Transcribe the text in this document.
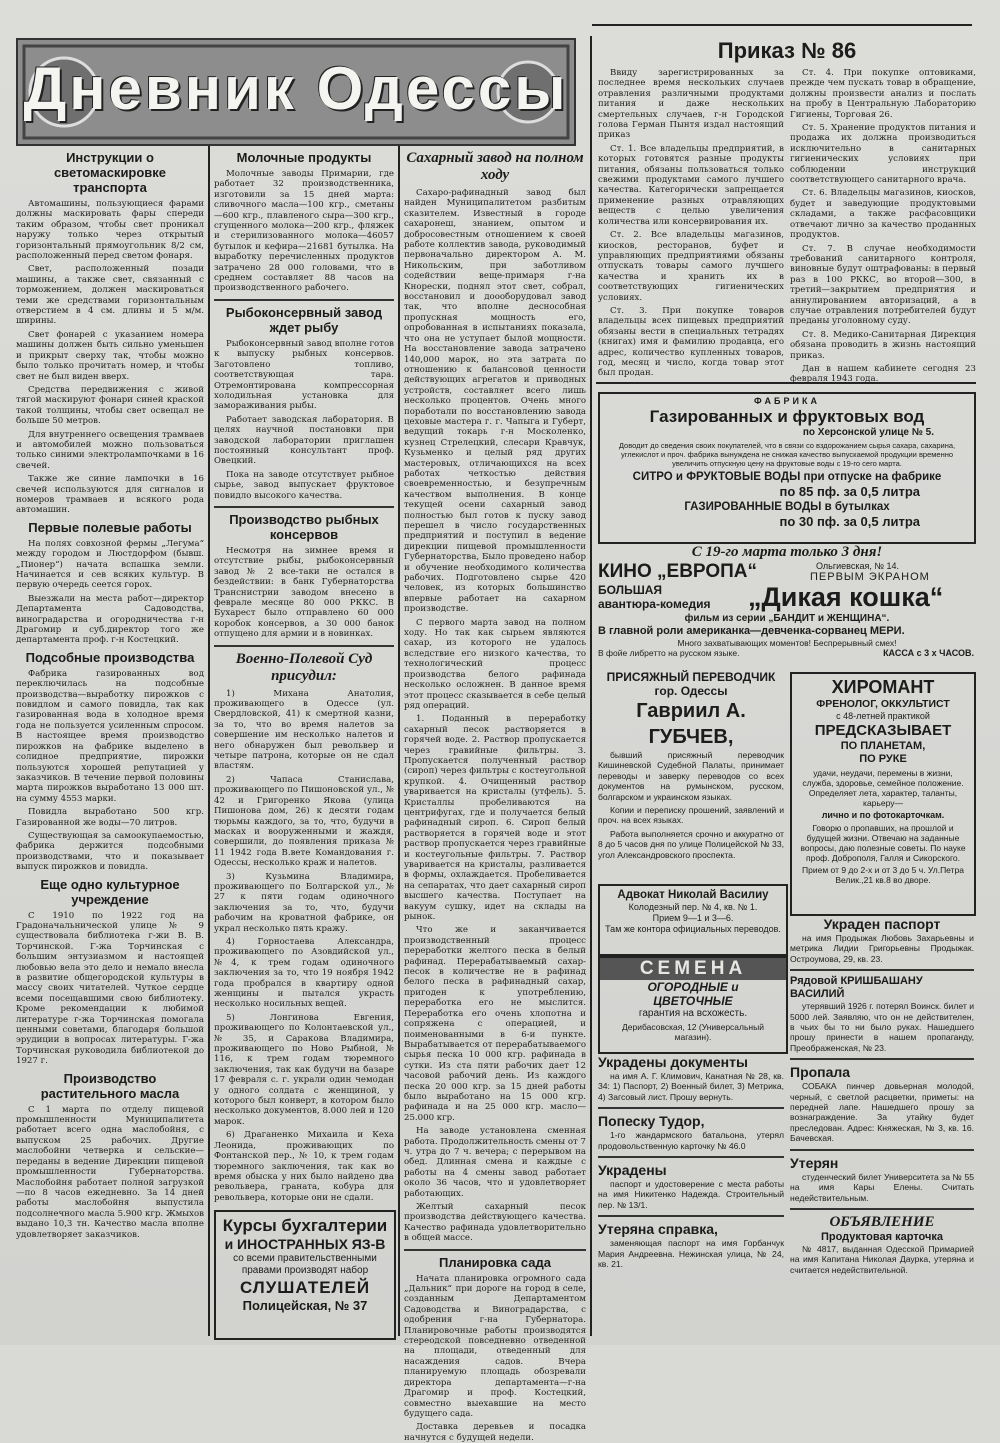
Дневник Одессы
Инструкции о светомаскировке транспорта

Автомашины, пользующиеся фарами должны маскировать фары спереди таким образом, чтобы свет проникал наружу только через открытый горизонтальный прямоугольник 8/2 см, расположенный перед светом фонаря.

Свет, расположенный позади машины, а также свет, связанный с торможением, должен маскироваться теми же средствами горизонтальным отверстием в 4 см. длины и 5 м/м. ширины.

Свет фонарей с указанием номера машины должен быть сильно уменьшен и прикрыт сверху так, чтобы можно было только прочитать номер, и чтобы свет не был виден вверх.

Средства передвижения с живой тягой маскируют фонари синей краской такой толщины, чтобы свет освещал не больше 50 метров.

Для внутреннего освещения трамваев и автомобилей можно пользоваться только синими электролампочками в 16 свечей.

Также же синие лампочки в 16 свечей используются для сигналов и номеров трамваев и всякого рода автомашин.

Первые полевые работы

На полях совхозной фермы „Легума“ между городом и Люстдорфом (бывш. „Пионер“) начата вспашка земли. Начинается и сев всяких культур. В первую очередь сеется горох.

Выезжали на места работ—директор Департамента Садоводства, виноградарства и огородничества г-н Драгомир и суб.директор того же департамента проф. г-н Костецкий.

Подсобные производства

Фабрика газированных вод переключилась на подсобные производства—выработку пирожков с повидлом и самого повидла, так как газированная вода в холодное время года не пользуется усиленным спросом. В настоящее время производство пирожков на фабрике выделено в солидное предприятие, пирожки пользуются хорошей репутацией у заказчиков. В течение первой половины марта пирожков выработано 13 000 шт. на сумму 4553 марки.

Повидла выработано 500 кгр. Газированной же воды—70 литров.

Существующая за самоокупаемостью, фабрика держится подсобными производствами, что и показывает выпуск пирожков и повидла.

Еще одно культурное учреждение

С 1910 по 1922 год на Градоначальнической улице № 9 существовала библиотека г-жи В. В. Торчинской. Г-жа Торчинская с большим энтузиазмом и настоящей любовью вела это дело и немало внесла в развитие общегородской культуры в массу своих читателей. Чуткое сердце всеми посещавшими свою библиотеку. Кроме рекомендации к любимой литературе г-жа Торчинская помогала ценными советами, благодаря большой эрудиции в вопросах литературы. Г-жа Торчинская руководила библиотекой до 1927 г.

Производство растительного масла

С 1 марта по отделу пищевой промышленности Муниципалитета работает всего одна маслобойня, с выпуском 25 рабочих. Другие маслобойни четверка и сельские—переданы в ведение Дирекции пищевой промышленности Губернаторства. Маслобойня работает полной загрузкой—по 8 часов ежедневно. За 14 дней работы маслобойня выпустила подсолнечного масла 5.900 кгр. Жмыхов выдано 10,3 тн. Качество масла вполне удовлетворяет заказчиков.

Молочные продукты

Молочные заводы Примарии, где работает 32 производственника, изготовили за 15 дней марта: сливочного масла—100 кгр., сметаны—600 кгр., плавленого сыра—300 кгр., сгущенного молока—200 кгр., фляжек и стерилизованного молока—46057 бутылок и кефира—21681 бутылка. На выработку перечисленных продуктов затрачено 28 000 головами, что в среднем составляет 88 часов на производственного рабочего.

Рыбоконсервный завод ждет рыбу

Рыбоконсервный завод вполне готов к выпуску рыбных консервов. Заготовлено топливо, соответствующая тара. Отремонтирована компрессорная холодильная установка для замораживания рыбы.

Работает заводская лаборатория. В целях научной постановки при заводской лаборатории приглашен постоянный консультант проф. Овецкий.

Пока на заводе отсутствует рыбное сырье, завод выпускает фруктовое повидло высокого качества.

Производство рыбных консервов

Несмотря на зимнее время и отсутствие рыбы, рыбоконсервный завод № 2 все-таки не остался в бездействии: в банк Губернаторства Транснистрии заводом внесено в феврале месяце 80 000 РККС. В Бухарест было отправлено 60 000 коробок консервов, а 30 000 банок отпущено для армии и в новинках.

Военно-Полевой Суд присудил:

1) Михана Анатолия, проживающего в Одессе (ул. Свердловской, 41) к смертной казни, за то, что во время налетов за совершение им несколько налетов и него обнаружен был револьвер и четыре патрона, которые он не сдал властям.

2) Чапаса Станислава, проживающего по Пишоновской ул., № 42 и Григоренко Якова (улица Пишонова дом, 26) к десяти годам тюрьмы каждого, за то, что, будучи в масках и вооруженными и жаждя, совершили, до появления приказа № 11 1942 года В.вете Командования г. Одессы, несколько краж и налетов.

3) Кузьмина Владимира, проживающего по Болгарской ул., № 27 к пяти годам одиночного заключения за то, что, будучи рабочим на кроватной фабрике, он украл несколько пять кражу.

4) Горностаева Александра, проживающего по Азовдийской ул., №4, к трем годам одиночного заключения за то, что 19 ноября 1942 года пробрался в квартиру одной женщины и пытался украсть несколько носильных вещей.

5) Лонгинова Евгения, проживающего по Колонтаевской ул., № 35, и Саракова Владимира, проживающего по Ново Рыбной, № 116, к трем годам тюремного заключения, так как будучи на базаре 17 февраля с. г. украли один чемодан у одного солдата с женщиной, у которого был конверт, в котором было несколько документов, 8.000 лей и 120 марок.

6) Драганенко Михаила и Кеха Леонида, проживающих по Фонтанской пер., № 10, к трем годам тюремного заключения, так как во время обыска у них было найдено два револьвера, граната, кобура для револьвера, которые они не сдали.

Курсы бухгалтерии
и ИНОСТРАННЫХ ЯЗ-В
со всеми правительственными правами производят набор
СЛУШАТЕЛЕЙ
Полицейская, № 37
Сахарный завод на полном ходу

Сахаро-рафинадный завод был найден Муниципалитетом разбитым сказителем. Известный в городе сахаронеш, знанием, опытом и добросовестным отношением к своей работе коллектив завода, руководимый первоначально директором А. М. Никольским, при заботливом содействии веще-примаря г-на Кнорески, поднял этот свет, собрал, восстановил и доооборудовал завод так, что вполне деснособная пропускная мощность его, опробованная в испытаниях показала, что она не уступает былой мощности. На восстановление завода затрачено 140,000 марок, но эта затрата по отношению к балансовой ценности действующих агрегатов и приводных устройств, составляет всего лишь несколько процентов. Очень много поработали по восстановлению завода цеховые мастера г. г. Чапыга и Губерт, ведущий токарь г-н Москоленко, кузнец Стрелецкий, слесари Кравчук, Кузьменко и целый ряд других мастеровых, отличающихся на всех работах четкостью действия своевременностью, и безупречным качеством выполнения. В конце текущей осени сахарный завод полностью был готов к пуску завод перешел в число государственных предприятий и поступил в ведение дирекции пищевой промышленности Губернаторства, Было проведено набор и обучение необходимого количества рабочих. Подготовлено сырье 420 человек, из которых большинство впервые работает на сахарном производстве.

С первого марта завод на полном ходу. Но так как сырьем являются сахар, из которого не удалось вследствие его низкого качества, то технологический процесс производства белого рафинада несколько осложнен. В данное время этот процесс сказывается в себе целый ряд операций.

1. Поданный в переработку сахарный песок растворяется в горячей воде. 2. Раствор пропускается через гравийные фильтры. 3. Пропускается полученный раствор (сироп) через фильтры с костеугольной крупкой. 4. Очищенный раствор уваривается на кристалы (утфель). 5. Кристаллы пробеливаются на центрифугах, где и получается белый рафинадный сироп. 6. Сироп белый растворяется в горячей воде и этот раствор пропускается через гравийные и костеугольные фильтры. 7. Раствор уваривается на кристалы, разливается в формы, охлаждается. Пробеливается на сепаратах, что дает сахарный сироп высшего качества. Поступает на вакуум сушку, идет на склады на рынок.

Что же и заканчивается производственный процесс переработки желтого песка в белый рафинад. Перерабатываемый сахар-песок в количестве не в рафинад белого песка в рафинадный сахар, пригоден к употреблению, переработка его не мыслится. Переработка его очень хлопотна и сопряжена с операцией, и поименованными в 6-и пункте. Вырабатывается от перерабатываемого сырья песка 10 000 кгр. рафинада в сутки. Из ста пяти рабочих дает 12 часовой рабочий день. Из каждого песка 20 000 кгр. за 15 дней работы было выработано на 15 000 кгр. рафинада и на 25 000 кгр. масло—25.000 кгр.

На заводе установлена сменная работа. Продолжительность смены от 7 ч. утра до 7 ч. вечера; с перерывом на обед. Длинная смена и каждые с работы на 4 смены завод работает около 36 часов, что и удовлетворяет работающих.

Желтый сахарный песок производства действующего качества. Качество рафинада удовлетворительно в общей массе.

Планировка сада

Начата планировка огромного сада „Дальник“ при дороге на город в селе, созданным Департаментом Садоводства и Виноградарства, с одобрения г-на Губернатора. Планировочные работы производятся стереодской повседневно отведенной на площади, отведенный для насаждения садов. Вчера планируемую площадь обозревали директора департамента—г-на Драгомир и проф. Костецкий, совместно выехавшие на место будущего сада.

Доставка деревьев и посадка начнутся с будущей недели.

Приказ № 86

Ввиду зарегистрированных за последнее время нескольких случаев отравления различными продуктами питания и даже нескольких смертельных случаев, г-н Городской голова Герман Пынтя издал настоящий приказ

Ст. 1. Все владельцы предприятий, в которых готовятся разные продукты питания, обязаны пользоваться только свежими продуктами самого лучшего качества. Категорически запрещается применение разных отравляющих веществ с целью увеличения количества или консервирования их.

Ст. 2. Все владельцы магазинов, киосков, ресторанов, буфет и управляющих предприятиями обязаны отпускать товары самого лучшего качества и хранить их в соответствующих гигиенических условиях.

Ст. 3. При покупке товаров владельцы всех пищевых предприятий обязаны вести в специальных тетрадях (книгах) имя и фамилию продавца, его адрес, количество купленных товаров, год, месяц и число, когда товар этот был продан.

Ст. 4. При покупке оптовиками, прежде чем пускать товар в обращение, должны произвести анализ и послать на пробу в Центральную Лабораторию Гигиены, Торговая 26.

Ст. 5. Хранение продуктов питания и продажа их должна производиться исключительно в санитарных гигиенических условиях при соблюдении инструкций соответствующего санитарного врача.

Ст. 6. Владельцы магазинов, киосков, будет и заведующие продуктовыми складами, а также расфасовщики отвечают лично за качество проданных продуктов.

Ст. 7. В случае необходимости требований санитарного контроля, виновные будут оштрафованы: в первый раз в 100 РККС, во второй—300, в третий—закрытием предприятия и аннулированием авторизаций, а в случае отравления потребителей будут преданы уголовному суду.

Ст. 8. Медико-Санитарная Дирекция обязана проводить в жизнь настоящий приказ.

Дан в нашем кабинете сегодня 23 февраля 1943 года.

ФАБРИКА
Газированных и фруктовых вод
по Херсонской улице № 5.
Доводит до сведения своих покупателей, что в связи со вздорожанием сырья сахара, сахарина, углекислот и проч. фабрика вынуждена не снижая качество выпускаемой продукции временно увеличить отпускную цену на фруктовые воды с 19-го сего марта.
СИТРО и ФРУКТОВЫЕ ВОДЫ при отпуске на фабрике
по 85 пф. за 0,5 литра
ГАЗИРОВАННЫЕ ВОДЫ в бутылках
по 30 пф. за 0,5 литра
С 19-го марта только 3 дня!
КИНО „ЕВРОПА“	Ольгиевская, № 14.
ПЕРВЫМ ЭКРАНОМ
БОЛЬШАЯ
авантюра-комедия „Дикая кошка“
фильм из серии „БАНДИТ и ЖЕНЩИНА“.
В главной роли американка—девченка-сорванец МЕРИ.
Много захватывающих моментов! Беспрерывный смех!
В фойе либретто на русском языке.	КАССА с 3 х ЧАСОВ.
ПРИСЯЖНЫЙ ПЕРЕВОДЧИК
гор. Одессы
Гавриил А. ГУБЧЕВ,

бывший присяжный переводчик Кишиневской Судебной Палаты, принимает переводы и заверку переводов со всех документов на румынском, русском, болгарском и украинском языках.

Копии и переписку прошений, заявлений и проч. на всех языках.

Работа выполняется срочно и аккуратно от 8 до 5 часов дня по улице Полицейской № 33, угол Александровского проспекта.

ХИРОМАНТ
ФРЕНОЛОГ, ОККУЛЬТИСТ
с 48-летней практикой
ПРЕДСКАЗЫВАЕТ
ПО ПЛАНЕТАМ,
ПО РУКЕ
удачи, неудачи, перемены в жизни, служба, здоровье, семейное положение. Определяет лета, характер, таланты, карьеру—
лично и по фотокарточкам.
Говорю о пропавших, на прошлой и будущей жизни. Отвечаю на заданные вопросы, даю полезные советы. По науке проф. Доброполя, Галля и Сикорского.
Прием от 9 до 2-х и от 3 до 5 ч. Ул.Петра Велик.,21 кв.8 во дворе.
Адвокат Николай Василиу
Колодезный пер. № 4, кв. № 1.
Прием 9—1 и 3—6.
Там же контора официальных переводов.
СЕМЕНА
ОГОРОДНЫЕ и
ЦВЕТОЧНЫЕ
гарантия на всхожесть.
Дерибасовская, 12 (Универсальный магазин).
Украдены документы

на имя А. Г. Климович, Канатная № 28, кв. 34: 1) Паспорт, 2) Военный билет, 3) Метрика, 4) Загсовый лист. Прошу вернуть.

Попеску Тудор,

1-го жандармского батальона, утерял продовольственную карточку № 46.0

Украдены

паспорт и удостоверение с места работы на имя Никитенко Надежда. Строительный пер. № 13/1.

Утеряна справка,

заменяющая паспорт на имя Горбанчук Мария Андреевна. Нежинская улица, № 24, кв. 21.

Украден паспорт

на имя Продыжак Любовь Захарьевны и метрика Лидии Григорьевны Продыжак. Остроумова, 29, кв. 23.

Рядовой КРИШБАШАНУ ВАСИЛИЙ

утерявший 1926 г. потерял Воинск. билет и 5000 лей. Заявляю, что он не действителен, в чьих бы то ни было руках. Нашедшего прошу принести в нашем пропаганду, Преображенская, № 23.

Пропала

СОБАКА пинчер довьерная молодой, черный, с светлой расцветки, приметы: на передней лапе. Нашедшего прошу за вознаграждение. За утайку будет преследован. Адрес: Княжеская, № 3, кв. 16. Бачевская.

Утерян

студенческий билет Университета за № 55 на имя Кары Елены. Считать недействительным.

ОБЪЯВЛЕНИЕ
Продуктовая карточка

№ 4817, выданная Одесской Примарией на имя Капитана Николая Даурка, утеряна и считается недействительной.
